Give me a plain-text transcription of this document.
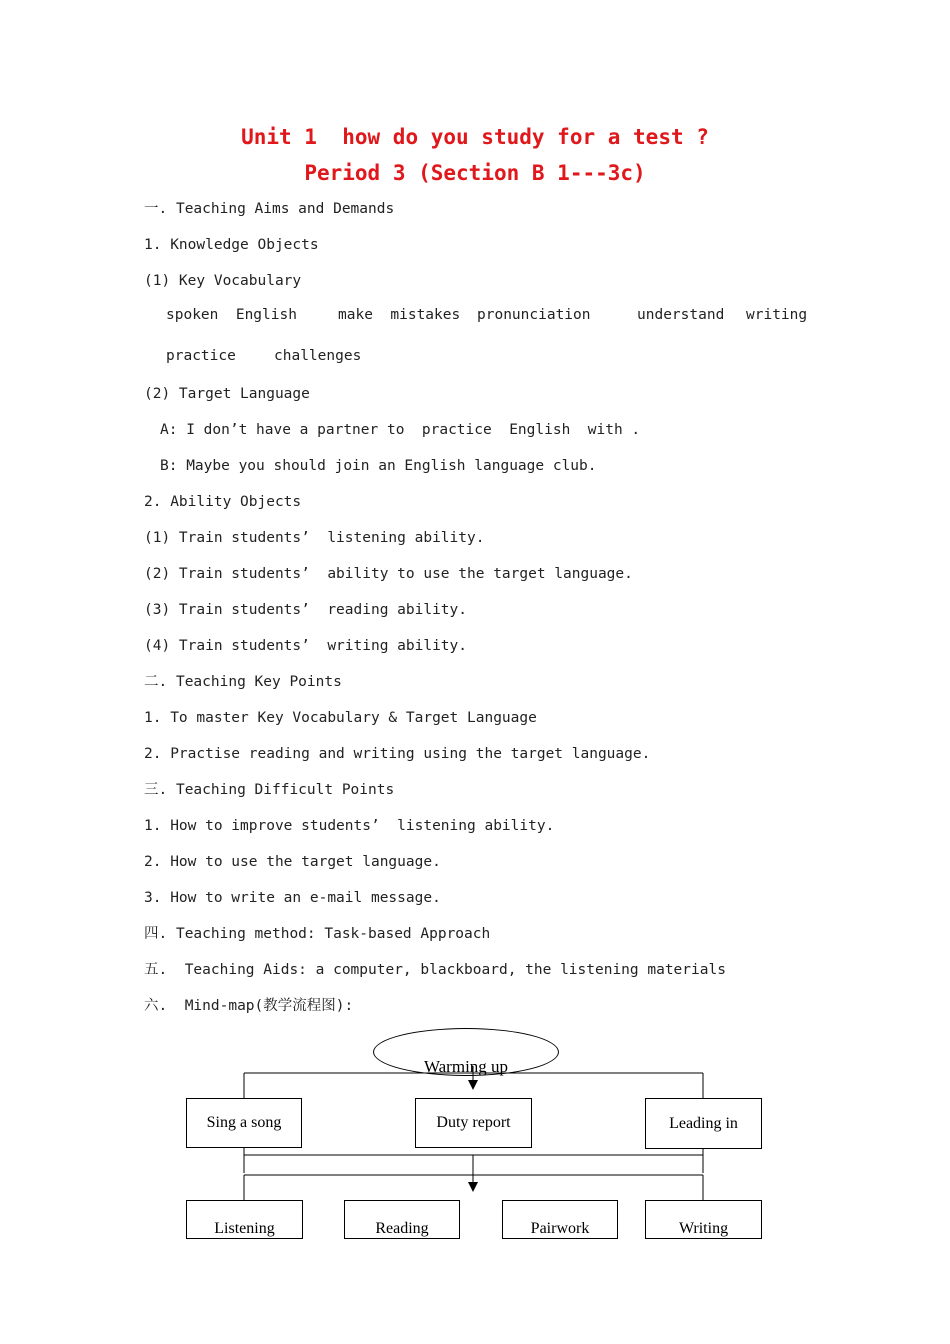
Unit 1  how do you study for a test ?
Period 3 (Section B 1---3c)
一. Teaching Aims and Demands
1. Knowledge Objects
(1) Key Vocabulary
spoken  English	make  mistakes pronunciation	understand writing
practice	challenges
(2) Target Language
A: I don’t have a partner to  practice  English  with .
B: Maybe you should join an English language club.
2. Ability Objects
(1) Train students’  listening ability.
(2) Train students’  ability to use the target language.
(3) Train students’  reading ability.
(4) Train students’  writing ability.
二. Teaching Key Points
1. To master Key Vocabulary & Target Language
2. Practise reading and writing using the target language.
三. Teaching Difficult Points
1. How to improve students’  listening ability.
2. How to use the target language.
3. How to write an e-mail message.
四. Teaching method: Task-based Approach
五.  Teaching Aids: a computer, blackboard, the listening materials
六.  Mind-map(教学流程图):
Warming up
Sing a song	Duty report	Leading in
Listening	Reading	Pairwork	Writing
